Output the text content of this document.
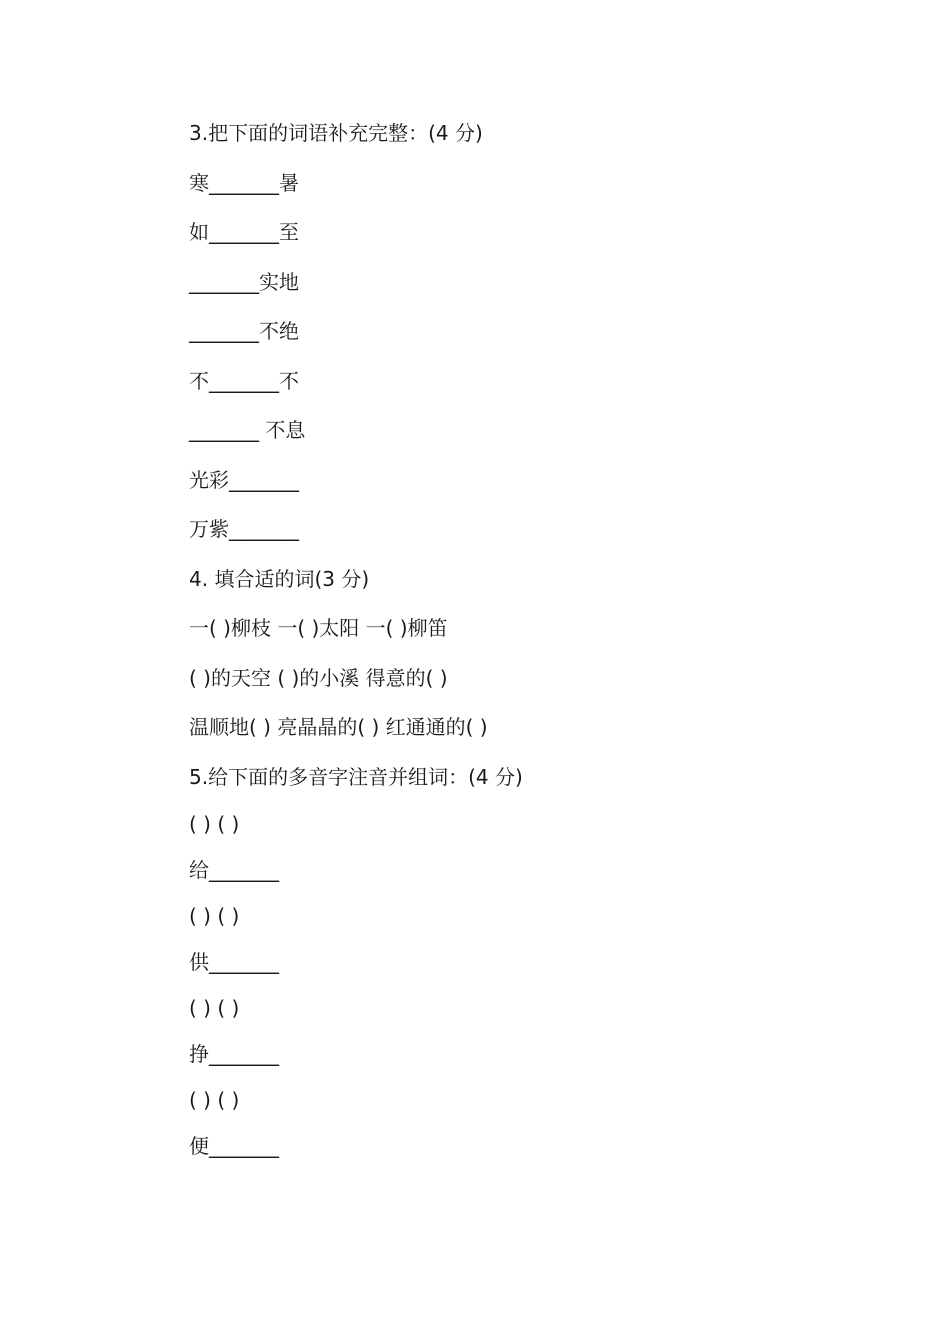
3.把下面的词语补充完整：(4 分)
寒_______暑
如_______至
_______实地
_______不绝
不_______不
_______ 不息
光彩_______
万紫_______
4. 填合适的词(3 分)
一( )柳枝 一( )太阳 一( )柳笛
( )的天空 ( )的小溪 得意的( )
温顺地( ) 亮晶晶的( ) 红通通的( )
5.给下面的多音字注音并组词：(4 分)
( ) ( )
给_______
( ) ( )
供_______
( ) ( )
挣_______
( ) ( )
便_______
